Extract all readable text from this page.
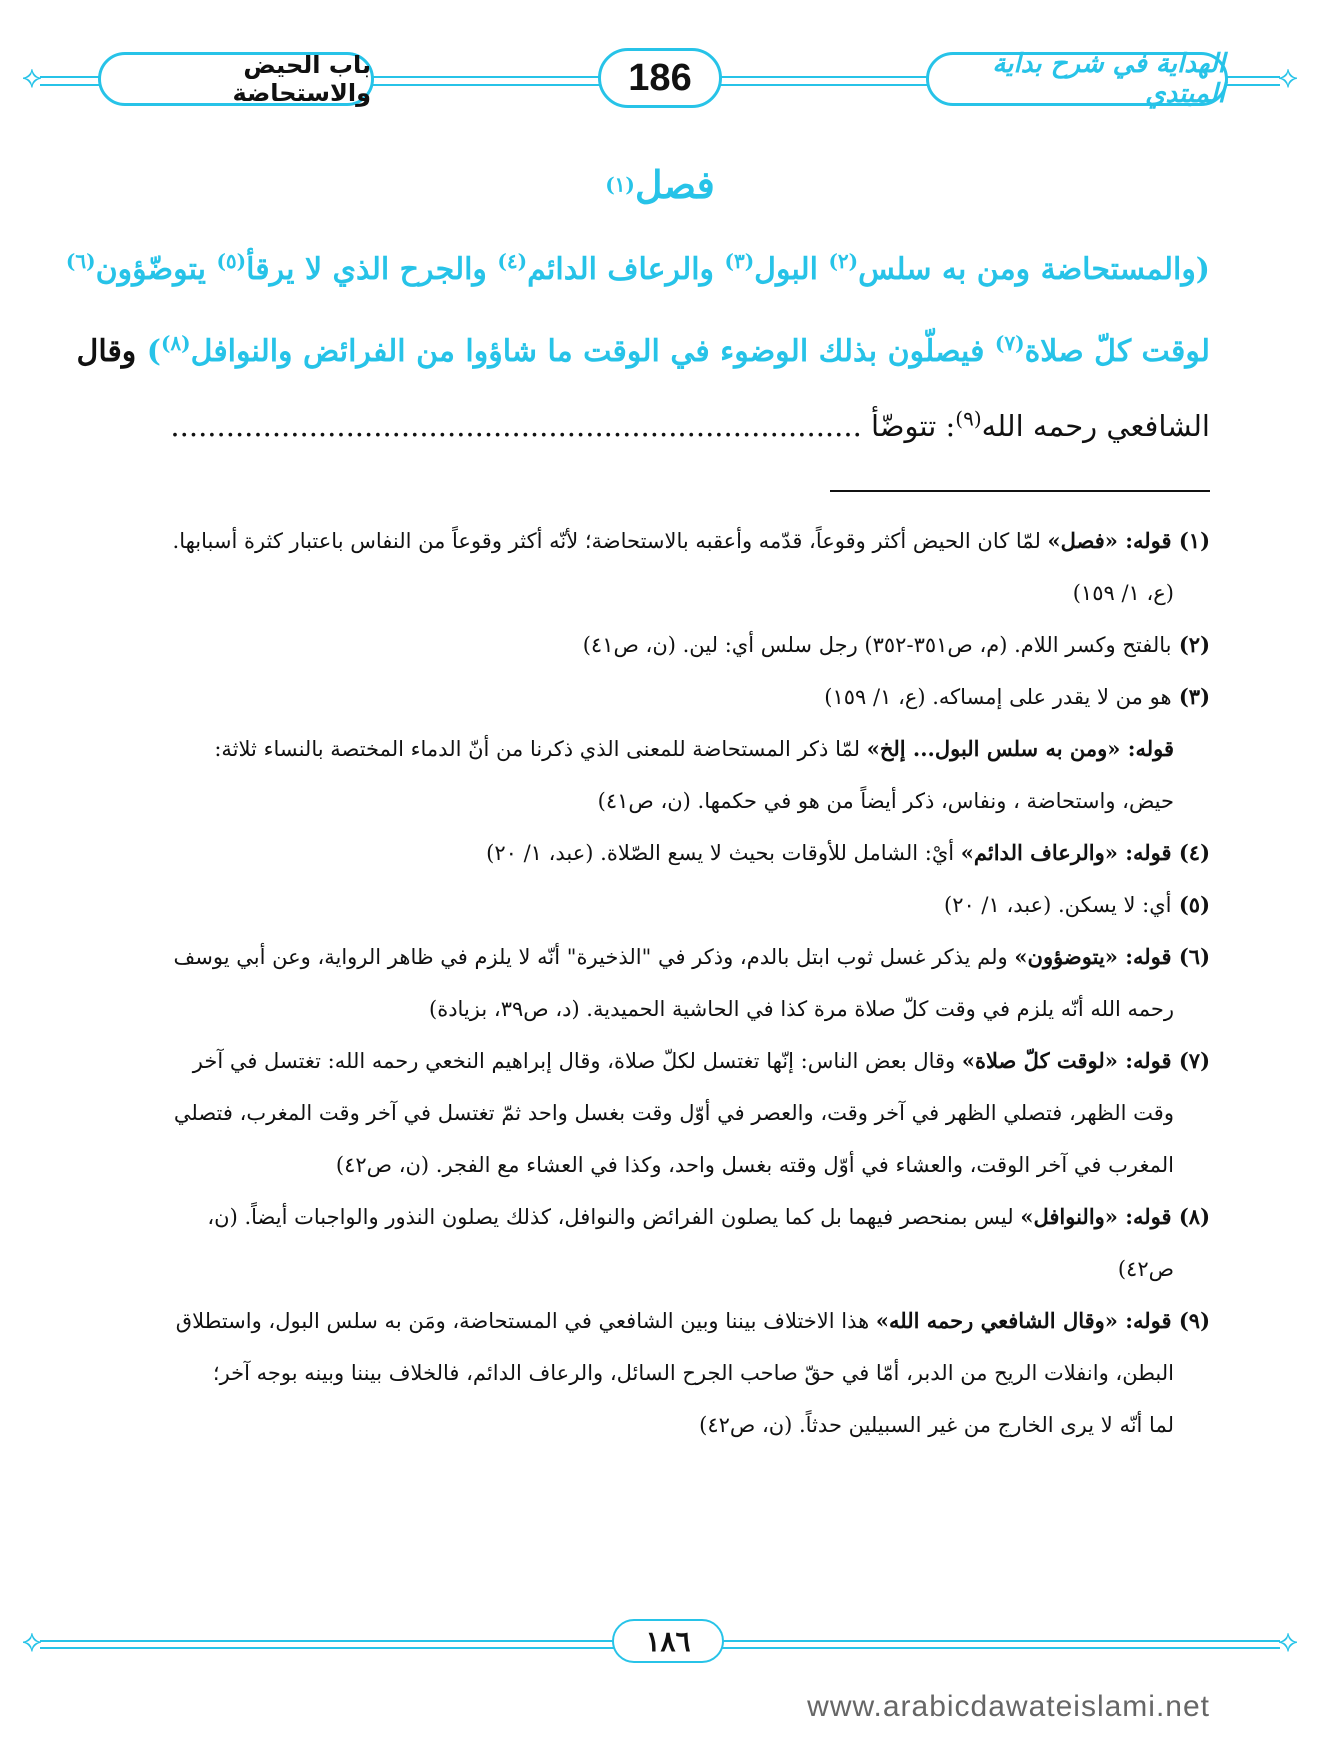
⟡	⟡
باب الحيض والاستحاضة	186	الهداية في شرح بداية المبتدي
فصل(١)
(والمستحاضة ومن به سلس$^{(٢)}$ البول$^{(٣)}$ والرعاف الدائم$^{(٤)}$ والجرح الذي لا يرقأ$^{(٥)}$ يتوضّؤون$^{(٦)}$
لوقت كلّ صلاة$^{(٧)}$ فيصلّون بذلك الوضوء في الوقت ما شاؤوا من الفرائض والنوافل$^{(٨)}$) وقال
الشافعي رحمه الله$^{(٩)}$: تتوضّأ ...........................................................................
(١) قوله: «فصل» لمّا كان الحيض أكثر وقوعاً، قدّمه وأعقبه بالاستحاضة؛ لأنّه أكثر وقوعاً من النفاس باعتبار كثرة أسبابها.
(ع، ١/ ١٥٩)
(٢) بالفتح وكسر اللام. (م، ص٣٥١-٣٥٢) رجل سلس أي: لين. (ن، ص٤١)
(٣) هو من لا يقدر على إمساكه. (ع، ١/ ١٥٩)
قوله: «ومن به سلس البول... إلخ» لمّا ذكر المستحاضة للمعنى الذي ذكرنا من أنّ الدماء المختصة بالنساء ثلاثة:
حيض، واستحاضة ، ونفاس، ذكر أيضاً من هو في حكمها. (ن، ص٤١)
(٤) قوله: «والرعاف الدائم» أيْ: الشامل للأوقات بحيث لا يسع الصّلاة. (عبد، ١/ ٢٠)
(٥) أي: لا يسكن. (عبد، ١/ ٢٠)
(٦) قوله: «يتوضؤون» ولم يذكر غسل ثوب ابتل بالدم، وذكر في "الذخيرة" أنّه لا يلزم في ظاهر الرواية، وعن أبي يوسف
رحمه الله أنّه يلزم في وقت كلّ صلاة مرة كذا في الحاشية الحميدية. (د، ص٣٩، بزيادة)
(٧) قوله: «لوقت كلّ صلاة» وقال بعض الناس: إنّها تغتسل لكلّ صلاة، وقال إبراهيم النخعي رحمه الله: تغتسل في آخر
وقت الظهر، فتصلي الظهر في آخر وقت، والعصر في أوّل وقت بغسل واحد ثمّ تغتسل في آخر وقت المغرب، فتصلي
المغرب في آخر الوقت، والعشاء في أوّل وقته بغسل واحد، وكذا في العشاء مع الفجر. (ن، ص٤٢)
(٨) قوله: «والنوافل» ليس بمنحصر فيهما بل كما يصلون الفرائض والنوافل، كذلك يصلون النذور والواجبات أيضاً. (ن،
ص٤٢)
(٩) قوله: «وقال الشافعي رحمه الله» هذا الاختلاف بيننا وبين الشافعي في المستحاضة، ومَن به سلس البول، واستطلاق
البطن، وانفلات الريح من الدبر، أمّا في حقّ صاحب الجرح السائل، والرعاف الدائم، فالخلاف بيننا وبينه بوجه آخر؛
لما أنّه لا يرى الخارج من غير السبيلين حدثاً. (ن، ص٤٢)
⟡	⟡
١٨٦
www.arabicdawateislami.net
